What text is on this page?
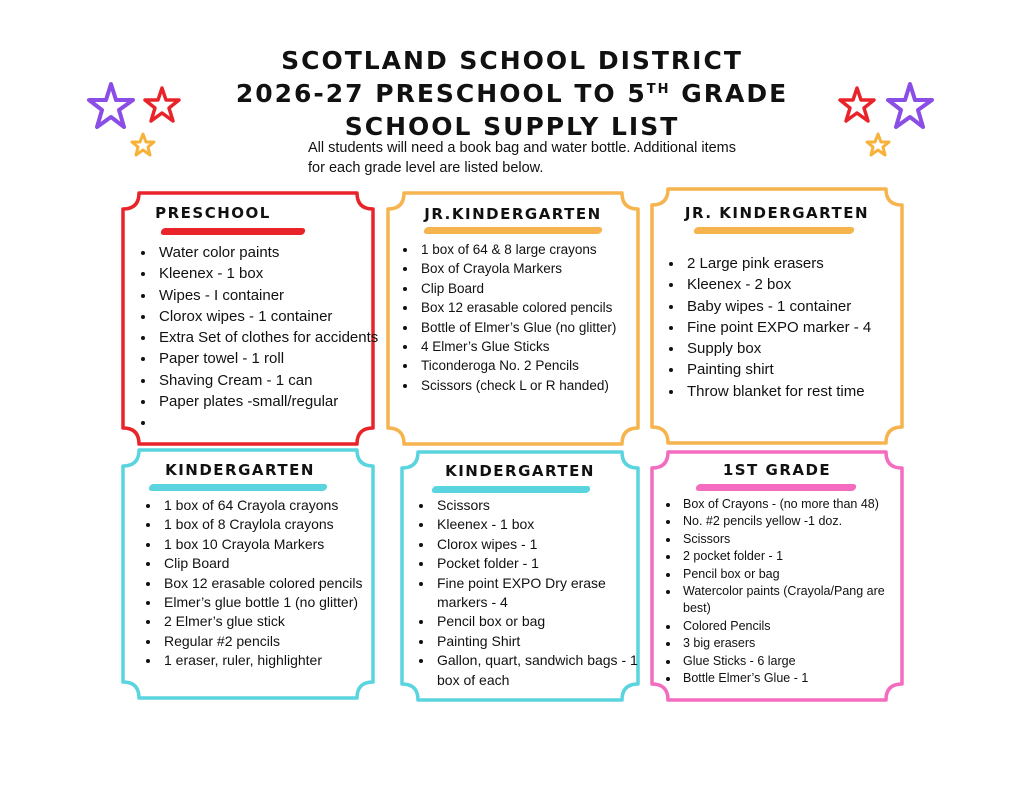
SCOTLAND SCHOOL DISTRICT
2026-27 PRESCHOOL TO 5TH GRADE
SCHOOL SUPPLY LIST
All students will need a book bag and water bottle. Additional items for each grade level are listed below.
PRESCHOOL
• Water color paints
• Kleenex - 1 box
• Wipes - I container
• Clorox wipes - 1 container
• Extra Set of clothes for accidents
• Paper towel - 1 roll
• Shaving Cream - 1 can
• Paper plates -small/regular
•
JR.KINDERGARTEN
• 1 box of 64 & 8 large crayons
• Box of Crayola Markers
• Clip Board
• Box 12 erasable colored pencils
• Bottle of Elmer’s Glue (no glitter)
• 4 Elmer’s Glue Sticks
• Ticonderoga No. 2 Pencils
• Scissors (check L or R handed)
JR. KINDERGARTEN
• 2 Large pink erasers
• Kleenex - 2 box
• Baby wipes - 1 container
• Fine point EXPO marker - 4
• Supply box
• Painting shirt
• Throw blanket for rest time
KINDERGARTEN
• 1 box of 64 Crayola crayons
• 1 box of 8 Craylola crayons
• 1 box 10 Crayola Markers
• Clip Board
• Box 12 erasable colored pencils
• Elmer’s glue bottle 1 (no glitter)
• 2 Elmer’s glue stick
• Regular #2 pencils
• 1 eraser, ruler, highlighter
KINDERGARTEN
• Scissors
• Kleenex - 1 box
• Clorox wipes - 1
• Pocket folder - 1
• Fine point EXPO Dry erase markers - 4
• Pencil box or bag
• Painting Shirt
• Gallon, quart, sandwich bags - 1 box of each
1ST GRADE
• Box of Crayons - (no more than 48)
• No. #2 pencils yellow -1 doz.
• Scissors
• 2 pocket folder - 1
• Pencil box or bag
• Watercolor paints (Crayola/Pang are best)
• Colored Pencils
• 3 big erasers
• Glue Sticks - 6 large
• Bottle Elmer’s Glue - 1
